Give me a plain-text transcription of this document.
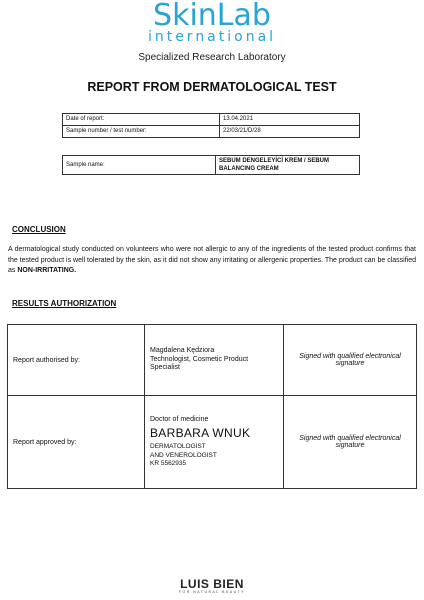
SkinLab
international
Specialized Research Laboratory
REPORT FROM DERMATOLOGICAL TEST
Date of report:	13.04.2021
Sample number / test number:	22/03/21/D/28
Sample name:	SEBUM DENGELEYİCİ KREM / SEBUM BALANCING CREAM
CONCLUSION
A dermatological study conducted on volunteers who were not allergic to any of the ingredients of the tested product confirms that the tested product is well tolerated by the skin, as it did not show any irritating or allergenic properties. The product can be classified as NON-IRRITATING.
RESULTS AUTHORIZATION
Report authorised by:	Magdalena Kędziora
Technologist, Cosmetic Product
Specialist	Signed with qualified electronical signature
Report approved by:	Doctor of medicine
BARBARA WNUK
DERMATOLOGIST
AND VENEROLOGIST
KR 5562935	Signed with qualified electronical signature
LUIS BIEN
FOR NATURAL BEAUTY
